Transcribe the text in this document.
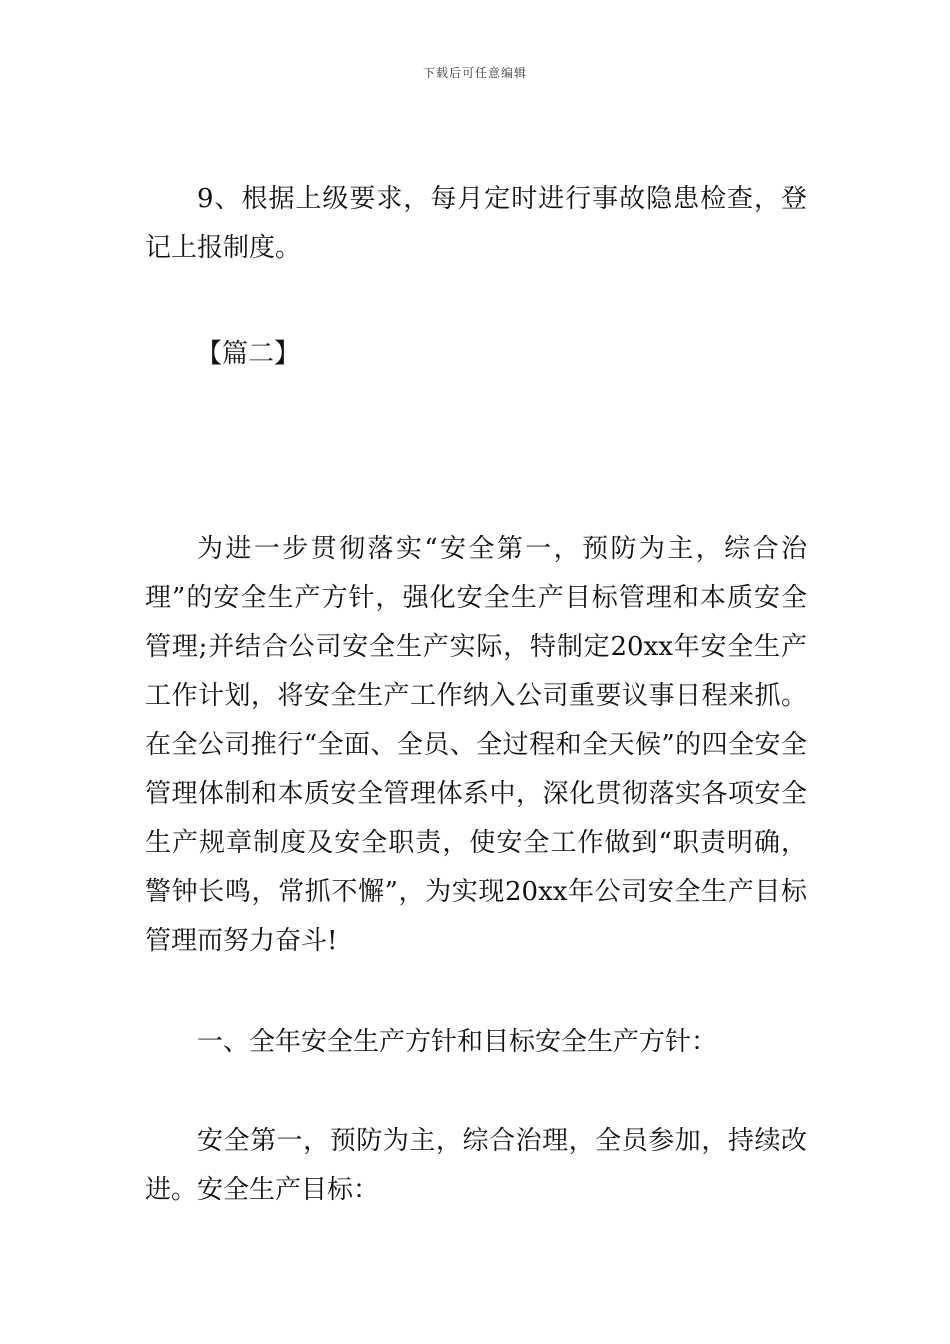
下载后可任意编辑

9、根据上级要求，每月定时进行事故隐患检查，登记上报制度。

【篇二】

为进一步贯彻落实“安全第一，预防为主，综合治理”的安全生产方针，强化安全生产目标管理和本质安全管理;并结合公司安全生产实际，特制定20xx年安全生产工作计划，将安全生产工作纳入公司重要议事日程来抓。在全公司推行“全面、全员、全过程和全天候”的四全安全管理体制和本质安全管理体系中，深化贯彻落实各项安全生产规章制度及安全职责，使安全工作做到“职责明确，警钟长鸣，常抓不懈”，为实现20xx年公司安全生产目标管理而努力奋斗!

一、全年安全生产方针和目标安全生产方针：

安全第一，预防为主，综合治理，全员参加，持续改进。安全生产目标：
